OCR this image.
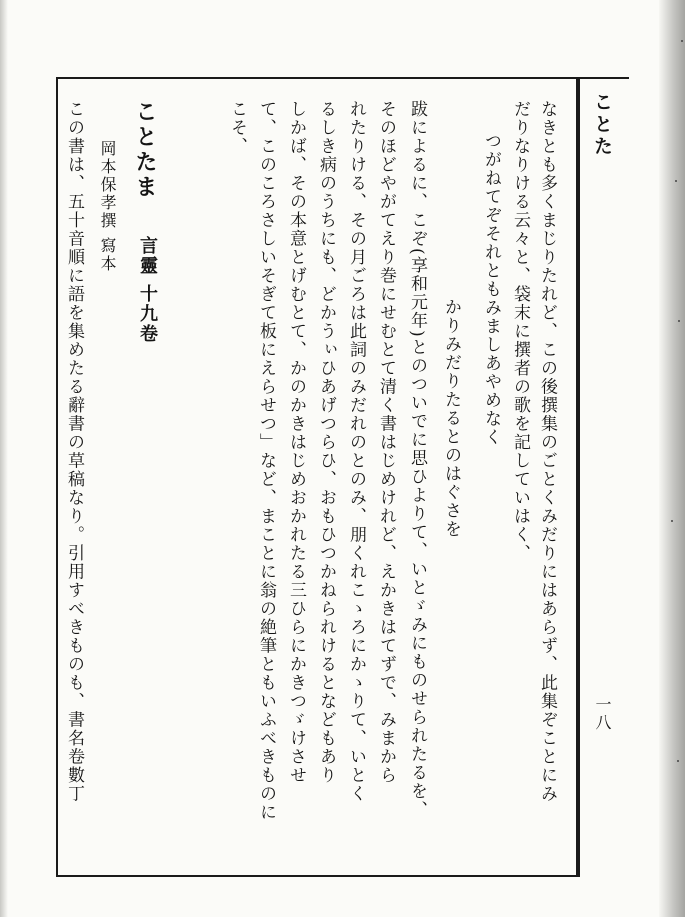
ことた
一八
なきとも多くまじりたれど、この後撰集のごとくみだりにはあらず、此集ぞことにみ
だりなりける云々と、袋末に撰者の歌を記していはく、
つがねてぞそれともみましあやめなく
かりみだりたるとのはぐさを
跋によるに、こぞ(享和元年)とのついでに思ひよりて、いとゞみにものせられたるを、
そのほどやがてえり巻にせむとて清く書はじめけれど、えかきはてずで、みまから
れたりける、その月ごろは此詞のみだれのとのみ、朋くれこゝろにかゝりて、いとく
るしき病のうちにも、どかうぃひあげつらひ、おもひつかねられけるとなどもあり
しかば、その本意とげむとて、かのかきはじめおかれたる三ひらにかきつゞけさせ
て、このころさしいそぎて板にえらせつ」など、まことに翁の絶筆ともいふべきものに
こそ、
ことたま
言靈 十九卷
岡本保孝撰 寫本
この書は、五十音順に語を集めたる辭書の草稿なり。引用すべきものも、書名卷數丁
